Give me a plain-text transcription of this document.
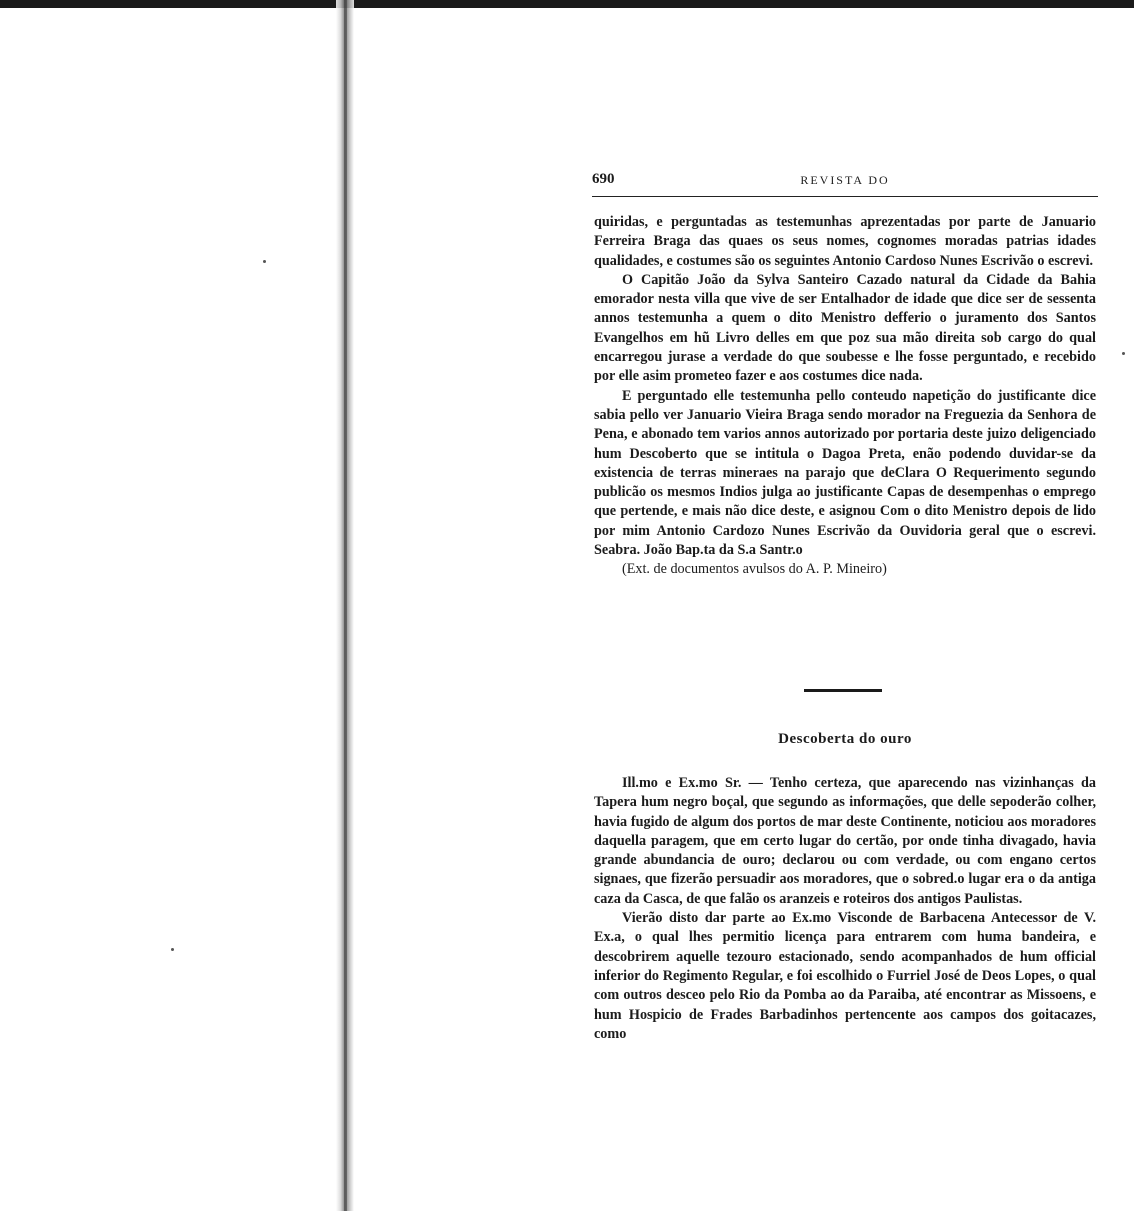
690	REVISTA DO

quiridas, e perguntadas as testemunhas aprezentadas por parte de Januario Ferreira Braga das quaes os seus nomes, cognomes moradas patrias idades qualidades, e costumes são os seguintes Antonio Cardoso Nunes Escrivão o escrevi.

O Capitão João da Sylva Santeiro Cazado natural da Cidade da Bahia emorador nesta villa que vive de ser Entalhador de idade que dice ser de sessenta annos testemunha a quem o dito Menistro defferio o juramento dos Santos Evangelhos em hũ Livro delles em que poz sua mão direita sob cargo do qual encarregou jurase a verdade do que soubesse e lhe fosse perguntado, e recebido por elle asim prometeo fazer e aos costumes dice nada.

E perguntado elle testemunha pello conteudo napetição do justificante dice sabia pello ver Januario Vieira Braga sendo morador na Freguezia da Senhora de Pena, e abonado tem varios annos autorizado por portaria deste juizo deligenciado hum Descoberto que se intitula o Dagoa Preta, enão podendo duvidar-se da existencia de terras mineraes na parajo que deClara O Requerimento segundo publicão os mesmos Indios julga ao justificante Capas de desempenhas o emprego que pertende, e mais não dice deste, e asignou Com o dito Menistro depois de lido por mim Antonio Cardozo Nunes Escrivão da Ouvidoria geral que o escrevi. Seabra. João Bap.ta da S.a Santr.o

(Ext. de documentos avulsos do A. P. Mineiro)

Descoberta do ouro

Ill.mo e Ex.mo Sr. — Tenho certeza, que aparecendo nas vizinhanças da Tapera hum negro boçal, que segundo as informações, que delle sepoderão colher, havia fugido de algum dos portos de mar deste Continente, noticiou aos moradores daquella paragem, que em certo lugar do certão, por onde tinha divagado, havia grande abundancia de ouro; declarou ou com verdade, ou com engano certos signaes, que fizerão persuadir aos moradores, que o sobred.o lugar era o da antiga caza da Casca, de que falão os aranzeis e roteiros dos antigos Paulistas.

Vierão disto dar parte ao Ex.mo Visconde de Barbacena Antecessor de V. Ex.a, o qual lhes permitio licença para entrarem com huma bandeira, e descobrirem aquelle tezouro estacionado, sendo acompanhados de hum official inferior do Regimento Regular, e foi escolhido o Furriel José de Deos Lopes, o qual com outros desceo pelo Rio da Pomba ao da Paraiba, até encontrar as Missoens, e hum Hospicio de Frades Barbadinhos pertencente aos campos dos goitacazes, como
